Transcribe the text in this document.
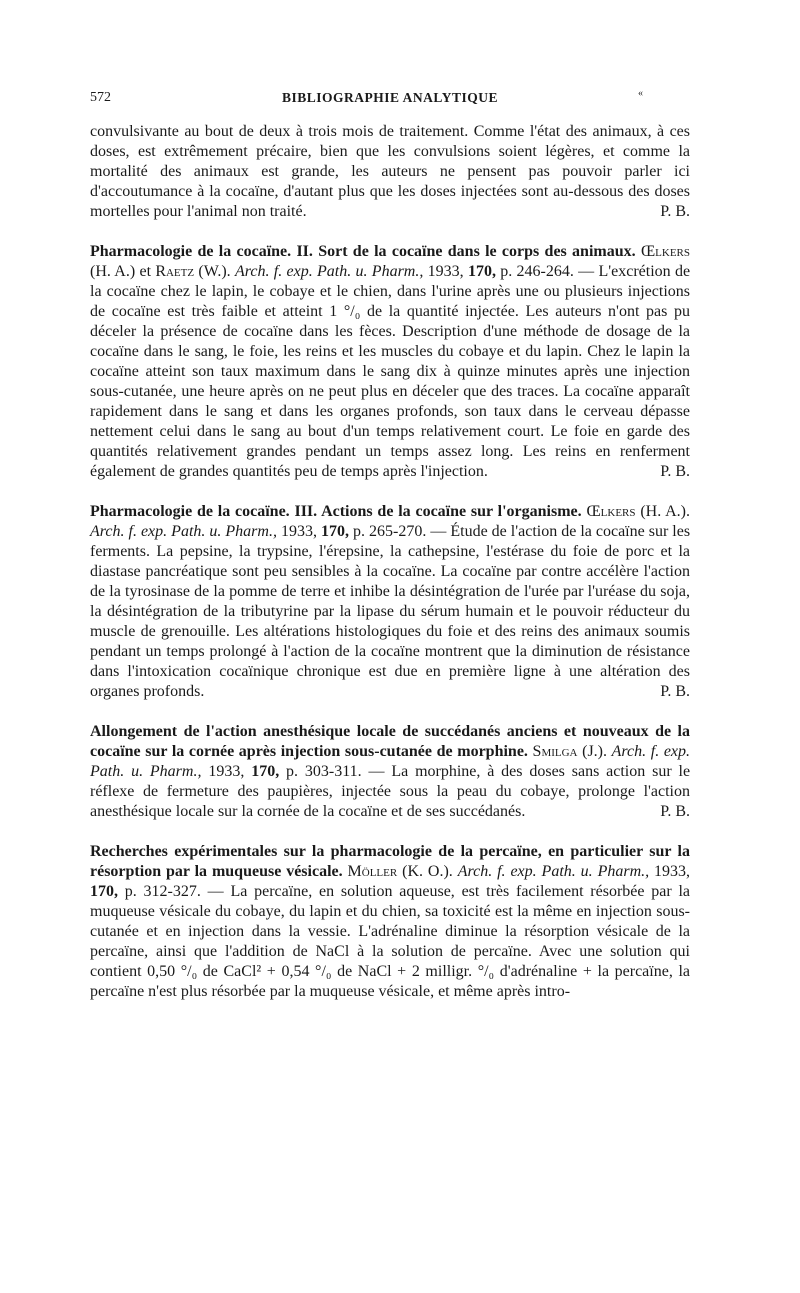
572	BIBLIOGRAPHIE ANALYTIQUE	«

convulsivante au bout de deux à trois mois de traitement. Comme l'état des animaux, à ces doses, est extrêmement précaire, bien que les convulsions soient légères, et comme la mortalité des animaux est grande, les auteurs ne pensent pas pouvoir parler ici d'accoutumance à la cocaïne, d'autant plus que les doses injectées sont au-dessous des doses mortelles pour l'animal non traité.	P. B.

Pharmacologie de la cocaïne. II. Sort de la cocaïne dans le corps des animaux. Œlkers (H. A.) et Raetz (W.). Arch. f. exp. Path. u. Pharm., 1933, 170, p. 246-264. — L'excrétion de la cocaïne chez le lapin, le cobaye et le chien, dans l'urine après une ou plusieurs injections de cocaïne est très faible et atteint 1 °/₀ de la quantité injectée. Les auteurs n'ont pas pu déceler la présence de cocaïne dans les fèces. Description d'une méthode de dosage de la cocaïne dans le sang, le foie, les reins et les muscles du cobaye et du lapin. Chez le lapin la cocaïne atteint son taux maximum dans le sang dix à quinze minutes après une injection sous-cutanée, une heure après on ne peut plus en déceler que des traces. La cocaïne apparaît rapidement dans le sang et dans les organes profonds, son taux dans le cerveau dépasse nettement celui dans le sang au bout d'un temps relativement court. Le foie en garde des quantités relativement grandes pendant un temps assez long. Les reins en renferment également de grandes quantités peu de temps après l'injection.	P. B.

Pharmacologie de la cocaïne. III. Actions de la cocaïne sur l'organisme. Œlkers (H. A.). Arch. f. exp. Path. u. Pharm., 1933, 170, p. 265-270. — Étude de l'action de la cocaïne sur les ferments. La pepsine, la trypsine, l'érepsine, la cathepsine, l'estérase du foie de porc et la diastase pancréatique sont peu sensibles à la cocaïne. La cocaïne par contre accélère l'action de la tyrosinase de la pomme de terre et inhibe la désintégration de l'urée par l'uréase du soja, la désintégration de la tributyrine par la lipase du sérum humain et le pouvoir réducteur du muscle de grenouille. Les altérations histologiques du foie et des reins des animaux soumis pendant un temps prolongé à l'action de la cocaïne montrent que la diminution de résistance dans l'intoxication cocaïnique chronique est due en première ligne à une altération des organes profonds.	P. B.

Allongement de l'action anesthésique locale de succédanés anciens et nouveaux de la cocaïne sur la cornée après injection sous-cutanée de morphine. Smilga (J.). Arch. f. exp. Path. u. Pharm., 1933, 170, p. 303-311. — La morphine, à des doses sans action sur le réflexe de fermeture des paupières, injectée sous la peau du cobaye, prolonge l'action anesthésique locale sur la cornée de la cocaïne et de ses succédanés.	P. B.

Recherches expérimentales sur la pharmacologie de la percaïne, en particulier sur la résorption par la muqueuse vésicale. Möller (K. O.). Arch. f. exp. Path. u. Pharm., 1933, 170, p. 312-327. — La percaïne, en solution aqueuse, est très facilement résorbée par la muqueuse vésicale du cobaye, du lapin et du chien, sa toxicité est la même en injection sous-cutanée et en injection dans la vessie. L'adrénaline diminue la résorption vésicale de la percaïne, ainsi que l'addition de NaCl à la solution de percaïne. Avec une solution qui contient 0,50 °/₀ de CaCl² + 0,54 °/₀ de NaCl + 2 milligr. °/₀ d'adrénaline + la percaïne, la percaïne n'est plus résorbée par la muqueuse vésicale, et même après intro-
